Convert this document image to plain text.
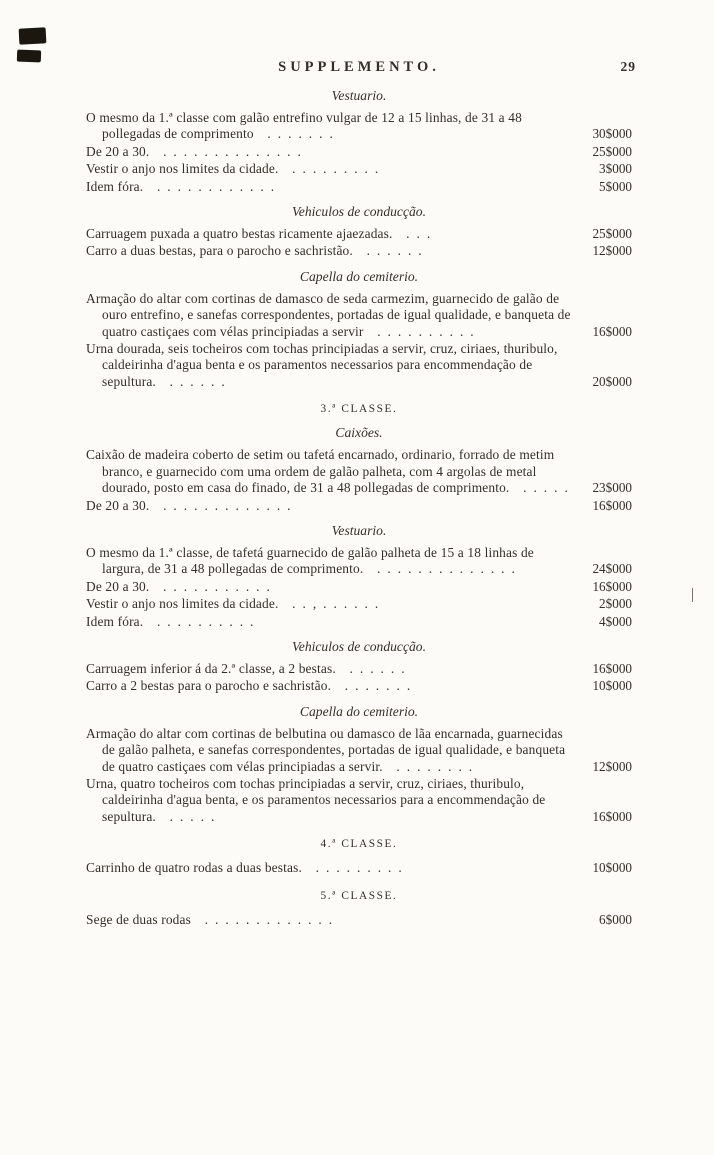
SUPPLEMENTO.	29
Vestuario.

O mesmo da 1.ª classe com galão entrefino vulgar de 12 a 15 linhas, de 31 a 48 pollegadas de comprimento  . . . . . . .	30$000

De 20 a 30.  . . . . . . . . . . . . . .	25$000

Vestir o anjo nos limites da cidade.  . . . . . . . . .	3$000

Idem fóra.  . . . . . . . . . . . .	5$000
Vehiculos de conducção.

Carruagem puxada a quatro bestas ricamente ajaezadas.  . . .	25$000

Carro a duas bestas, para o parocho e sachristão.  . . . . . .	12$000
Capella do cemiterio.

Armação do altar com cortinas de damasco de seda carmezim, guarnecido de galão de ouro entrefino, e sanefas correspondentes, portadas de igual qualidade, e banqueta de quatro castiçaes com vélas principiadas a servir  . . . . . . . . . .	16$000

Urna dourada, seis tocheiros com tochas principiadas a servir, cruz, ciriaes, thuribulo, caldeirinha d'agua benta e os paramentos necessarios para encommendação de sepultura.  . . . . . .	20$000
3.ª CLASSE.
Caixões.

Caixão de madeira coberto de setim ou tafetá encarnado, ordinario, forrado de metim branco, e guarnecido com uma ordem de galão palheta, com 4 argolas de metal dourado, posto em casa do finado, de 31 a 48 pollegadas de comprimento.  . . . . .	23$000

De 20 a 30.  . . . . . . . . . . . . .	16$000
Vestuario.

O mesmo da 1.ª classe, de tafetá guarnecido de galão palheta de 15 a 18 linhas de largura, de 31 a 48 pollegadas de comprimento.  . . . . . . . . . . . . . .	24$000

De 20 a 30.  . . . . . . . . . . .	16$000

Vestir o anjo nos limites da cidade.  . . , . . . . . .	2$000

Idem fóra.  . . . . . . . . . .	4$000
Vehiculos de conducção.

Carruagem inferior á da 2.ª classe, a 2 bestas.  . . . . . .	16$000

Carro a 2 bestas para o parocho e sachristão.  . . . . . . .	10$000
Capella do cemiterio.

Armação do altar com cortinas de belbutina ou damasco de lãa encarnada, guarnecidas de galão palheta, e sanefas correspondentes, portadas de igual qualidade, e banqueta de quatro castiçaes com vélas principiadas a servir.  . . . . . . . .	12$000

Urna, quatro tocheiros com tochas principiadas a servir, cruz, ciriaes, thuribulo, caldeirinha d'agua benta, e os paramentos necessarios para a encommendação de sepultura.  . . . . .	16$000
4.ª CLASSE.

Carrinho de quatro rodas a duas bestas.  . . . . . . . . .	10$000
5.ª CLASSE.

Sege de duas rodas  . . . . . . . . . . . . .	6$000
